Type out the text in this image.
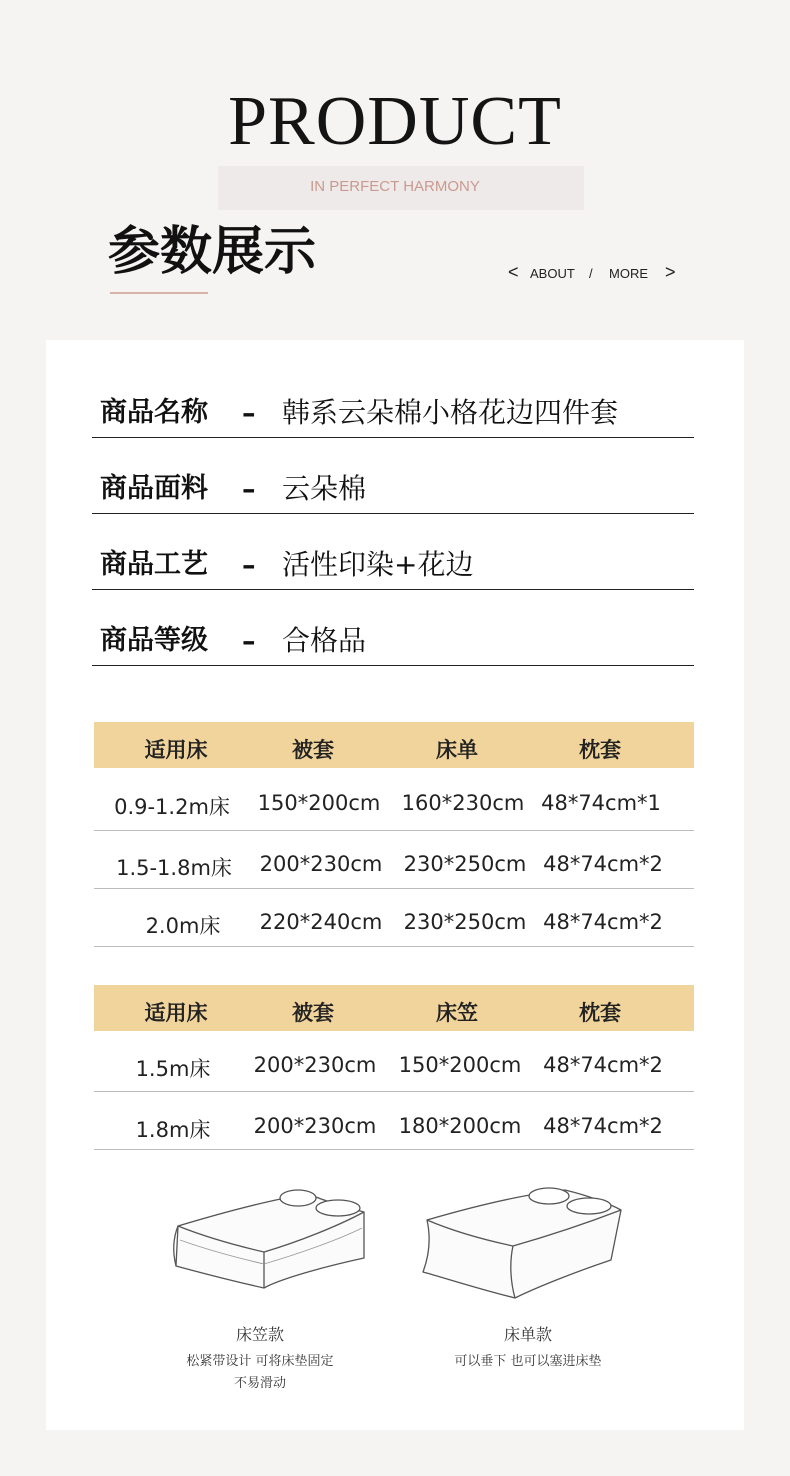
PRODUCT
IN PERFECT HARMONY
参数展示	< ABOUT / MORE >
商品名称 – 韩系云朵棉小格花边四件套
商品面料 – 云朵棉
商品工艺 – 活性印染+花边
商品等级 – 合格品
适用床	被套	床单	枕套
0.9-1.2m床 150*200cm 160*230cm 48*74cm*1
1.5-1.8m床 200*230cm 230*250cm 48*74cm*2
2.0m床 220*240cm 230*250cm 48*74cm*2
适用床	被套	床笠	枕套
1.5m床 200*230cm 150*200cm 48*74cm*2
1.8m床 200*230cm 180*200cm 48*74cm*2
床笠款
松紧带设计 可将床垫固定
不易滑动
床单款
可以垂下 也可以塞进床垫
